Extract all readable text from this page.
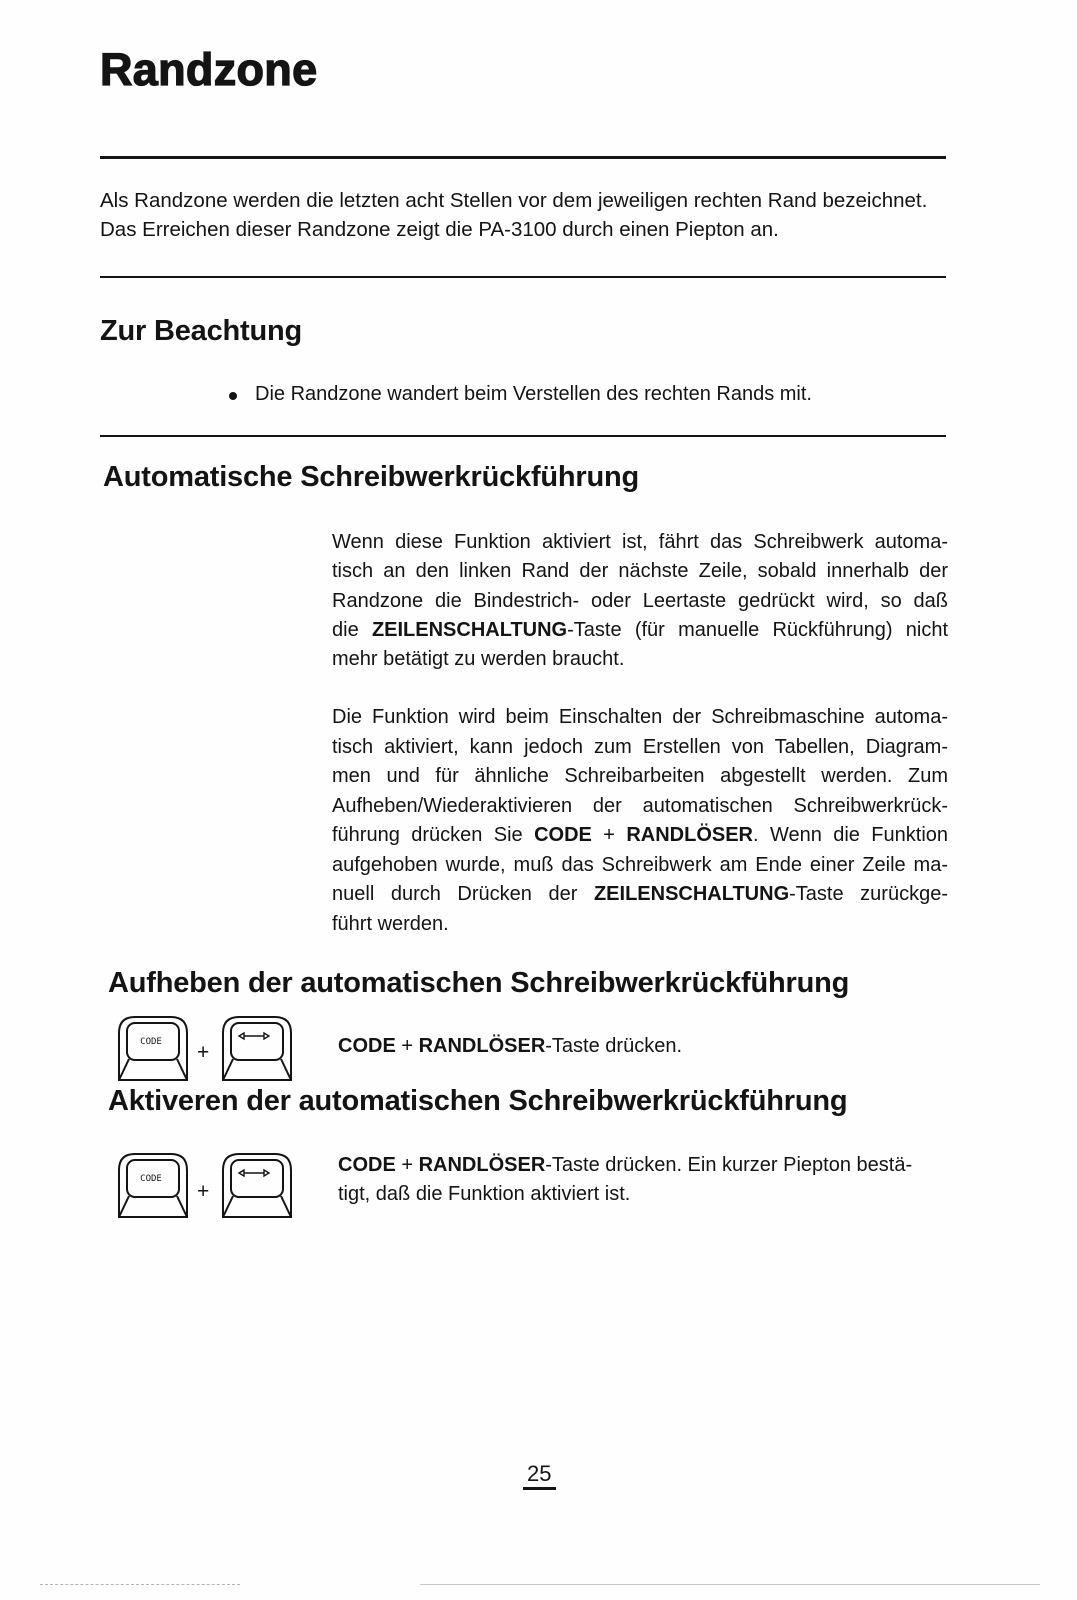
Randzone
Als Randzone werden die letzten acht Stellen vor dem jeweiligen rechten Rand bezeichnet.
Das Erreichen dieser Randzone zeigt die PA-3100 durch einen Piepton an.
Zur Beachtung
Die Randzone wandert beim Verstellen des rechten Rands mit.
Automatische Schreibwerkrückführung
Wenn diese Funktion aktiviert ist, fährt das Schreibwerk automa-
tisch an den linken Rand der nächste Zeile, sobald innerhalb der
Randzone die Bindestrich- oder Leertaste gedrückt wird, so daß
die ZEILENSCHALTUNG-Taste (für manuelle Rückführung) nicht
mehr betätigt zu werden braucht.
Die Funktion wird beim Einschalten der Schreibmaschine automa-
tisch aktiviert, kann jedoch zum Erstellen von Tabellen, Diagram-
men und für ähnliche Schreibarbeiten abgestellt werden. Zum
Aufheben/Wiederaktivieren der automatischen Schreibwerkrück-
führung drücken Sie CODE + RANDLÖSER. Wenn die Funktion
aufgehoben wurde, muß das Schreibwerk am Ende einer Zeile ma-
nuell durch Drücken der ZEILENSCHALTUNG-Taste zurückge-
führt werden.
Aufheben der automatischen Schreibwerkrückführung
CODE +	CODE + RANDLÖSER-Taste drücken.
Aktiveren der automatischen Schreibwerkrückführung
CODE
+
CODE + RANDLÖSER-Taste drücken. Ein kurzer Piepton bestä-
tigt, daß die Funktion aktiviert ist.
25
